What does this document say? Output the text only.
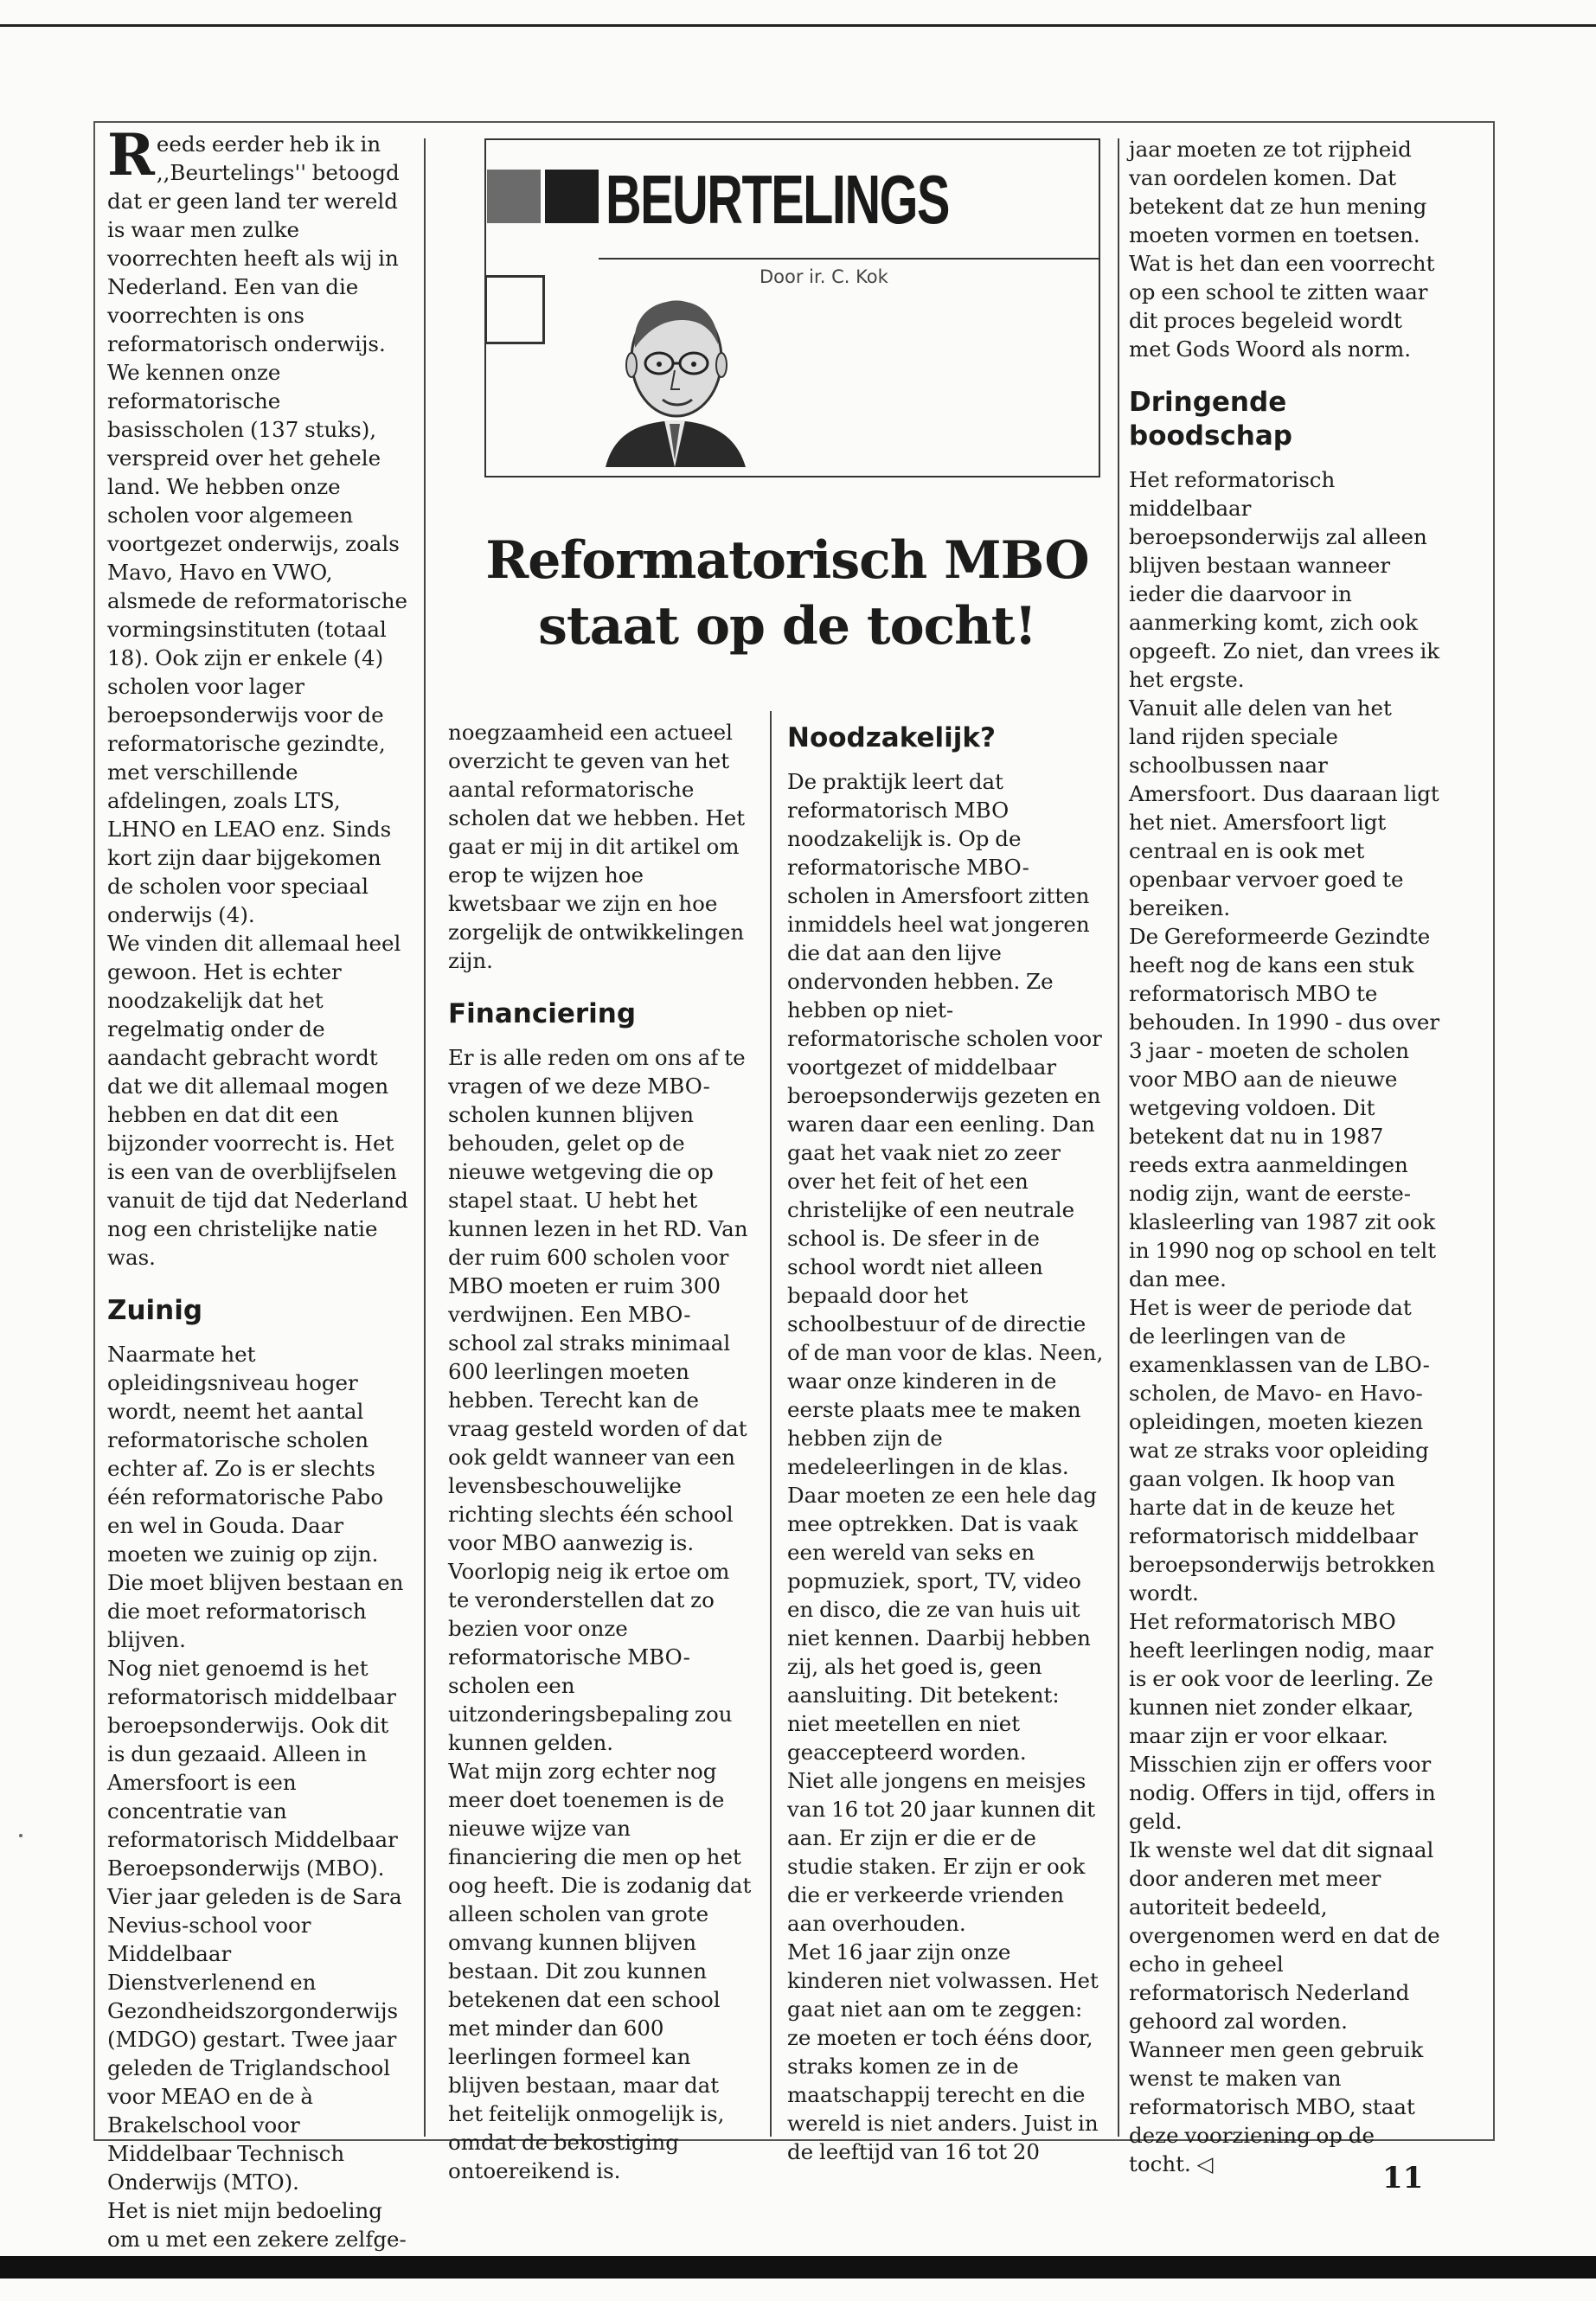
BEURTELINGS
Door ir. C. Kok
Reformatorisch MBO
staat op de tocht!

Reeds eerder heb ik in ,,Beurtelings'' betoogd dat er geen land ter wereld is waar men zulke voorrechten heeft als wij in Nederland. Een van die voorrechten is ons reformatorisch onderwijs. We kennen onze reformatorische basisscholen (137 stuks), verspreid over het gehele land. We hebben onze scholen voor algemeen voortgezet onderwijs, zoals Mavo, Havo en VWO, alsmede de reformatorische vormingsinstituten (totaal 18). Ook zijn er enkele (4) scholen voor lager beroepsonderwijs voor de reformatorische gezindte, met verschillende afdelingen, zoals LTS, LHNO en LEAO enz. Sinds kort zijn daar bijgekomen de scholen voor speciaal onderwijs (4).

We vinden dit allemaal heel gewoon. Het is echter noodzakelijk dat het regelmatig onder de aandacht gebracht wordt dat we dit allemaal mogen hebben en dat dit een bijzonder voorrecht is. Het is een van de overblijfselen vanuit de tijd dat Nederland nog een christelijke natie was.

Zuinig

Naarmate het opleidingsniveau hoger wordt, neemt het aantal reformatorische scholen echter af. Zo is er slechts één reformatorische Pabo en wel in Gouda. Daar moeten we zuinig op zijn. Die moet blijven bestaan en die moet reformatorisch blijven.

Nog niet genoemd is het reformatorisch middelbaar beroepsonderwijs. Ook dit is dun gezaaid. Alleen in Amersfoort is een concentratie van reformatorisch Middelbaar Beroepsonderwijs (MBO). Vier jaar geleden is de Sara Nevius-school voor Middelbaar Dienstverlenend en Gezondheidszorgonderwijs (MDGO) gestart. Twee jaar geleden de Triglandschool voor MEAO en de à Brakelschool voor Middelbaar Technisch Onderwijs (MTO).

Het is niet mijn bedoeling om u met een zekere zelfge-

noegzaamheid een actueel overzicht te geven van het aantal reformatorische scholen dat we hebben. Het gaat er mij in dit artikel om erop te wijzen hoe kwetsbaar we zijn en hoe zorgelijk de ontwikkelingen zijn.

Financiering

Er is alle reden om ons af te vragen of we deze MBO-scholen kunnen blijven behouden, gelet op de nieuwe wetgeving die op stapel staat. U hebt het kunnen lezen in het RD. Van der ruim 600 scholen voor MBO moeten er ruim 300 verdwijnen. Een MBO-school zal straks minimaal 600 leerlingen moeten hebben. Terecht kan de vraag gesteld worden of dat ook geldt wanneer van een levensbeschouwelijke richting slechts één school voor MBO aanwezig is. Voorlopig neig ik ertoe om te veronderstellen dat zo bezien voor onze reformatorische MBO-scholen een uitzonderingsbepaling zou kunnen gelden.

Wat mijn zorg echter nog meer doet toenemen is de nieuwe wijze van financiering die men op het oog heeft. Die is zodanig dat alleen scholen van grote omvang kunnen blijven bestaan. Dit zou kunnen betekenen dat een school met minder dan 600 leerlingen formeel kan blijven bestaan, maar dat het feitelijk onmogelijk is, omdat de bekostiging ontoereikend is.

Noodzakelijk?

De praktijk leert dat reformatorisch MBO noodzakelijk is. Op de reformatorische MBO-scholen in Amersfoort zitten inmiddels heel wat jongeren die dat aan den lijve ondervonden hebben. Ze hebben op niet-reformatorische scholen voor voortgezet of middelbaar beroepsonderwijs gezeten en waren daar een eenling. Dan gaat het vaak niet zo zeer over het feit of het een christelijke of een neutrale school is. De sfeer in de school wordt niet alleen bepaald door het schoolbestuur of de directie of de man voor de klas. Neen, waar onze kinderen in de eerste plaats mee te maken hebben zijn de medeleerlingen in de klas. Daar moeten ze een hele dag mee optrekken. Dat is vaak een wereld van seks en popmuziek, sport, TV, video en disco, die ze van huis uit niet kennen. Daarbij hebben zij, als het goed is, geen aansluiting. Dit betekent: niet meetellen en niet geaccepteerd worden.

Niet alle jongens en meisjes van 16 tot 20 jaar kunnen dit aan. Er zijn er die er de studie staken. Er zijn er ook die er verkeerde vrienden aan overhouden.

Met 16 jaar zijn onze kinderen niet volwassen. Het gaat niet aan om te zeggen: ze moeten er toch ééns door, straks komen ze in de maatschappij terecht en die wereld is niet anders. Juist in de leeftijd van 16 tot 20

jaar moeten ze tot rijpheid van oordelen komen. Dat betekent dat ze hun mening moeten vormen en toetsen. Wat is het dan een voorrecht op een school te zitten waar dit proces begeleid wordt met Gods Woord als norm.

Dringende boodschap

Het reformatorisch middelbaar beroepsonderwijs zal alleen blijven bestaan wanneer ieder die daarvoor in aanmerking komt, zich ook opgeeft. Zo niet, dan vrees ik het ergste.

Vanuit alle delen van het land rijden speciale schoolbussen naar Amersfoort. Dus daaraan ligt het niet. Amersfoort ligt centraal en is ook met openbaar vervoer goed te bereiken.

De Gereformeerde Gezindte heeft nog de kans een stuk reformatorisch MBO te behouden. In 1990 - dus over 3 jaar - moeten de scholen voor MBO aan de nieuwe wetgeving voldoen. Dit betekent dat nu in 1987 reeds extra aanmeldingen nodig zijn, want de eerste-klasleerling van 1987 zit ook in 1990 nog op school en telt dan mee.

Het is weer de periode dat de leerlingen van de examenklassen van de LBO-scholen, de Mavo- en Havo-opleidingen, moeten kiezen wat ze straks voor opleiding gaan volgen. Ik hoop van harte dat in de keuze het reformatorisch middelbaar beroepsonderwijs betrokken wordt.

Het reformatorisch MBO heeft leerlingen nodig, maar is er ook voor de leerling. Ze kunnen niet zonder elkaar, maar zijn er voor elkaar. Misschien zijn er offers voor nodig. Offers in tijd, offers in geld.

Ik wenste wel dat dit signaal door anderen met meer autoriteit bedeeld, overgenomen werd en dat de echo in geheel reformatorisch Nederland gehoord zal worden. Wanneer men geen gebruik wenst te maken van reformatorisch MBO, staat deze voorziening op de tocht. ◁	11
